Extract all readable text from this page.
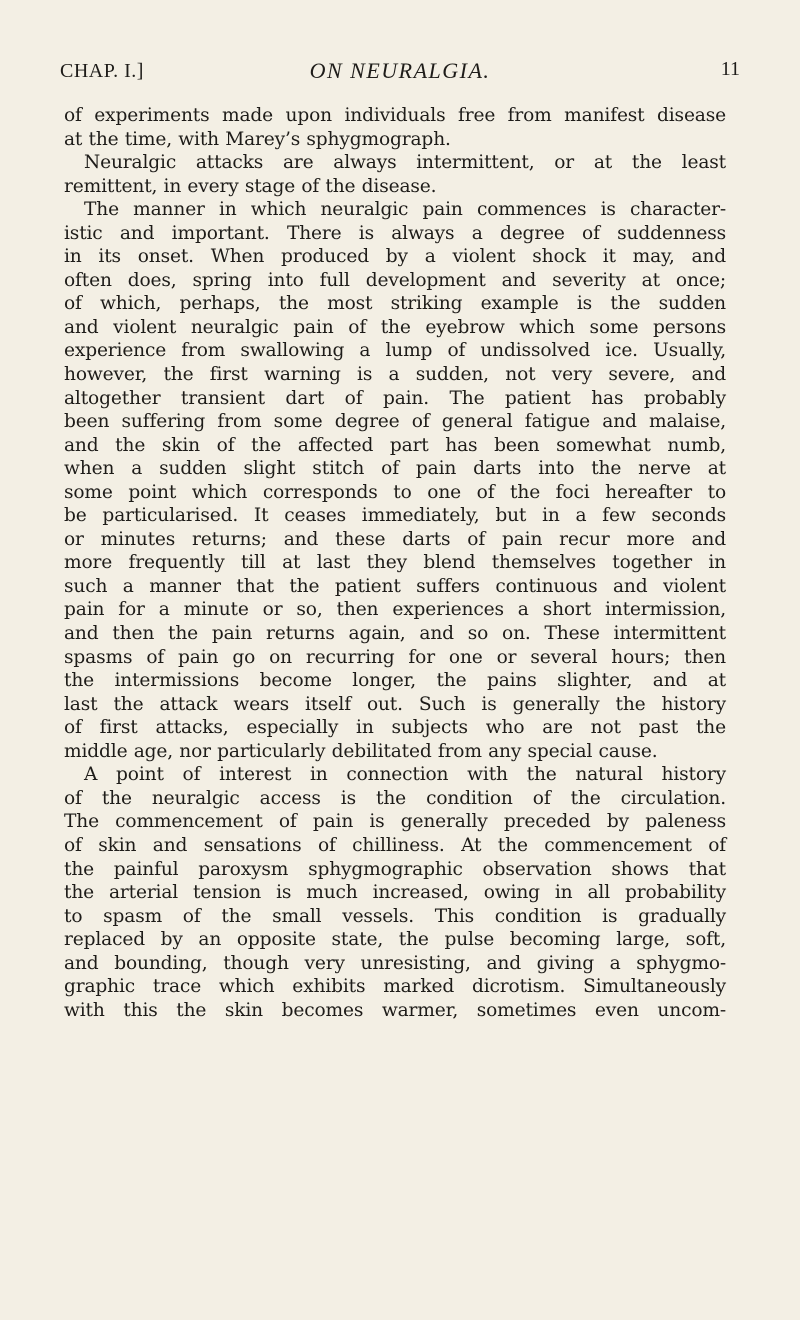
CHAP. I.]	ON NEURALGIA.	11
of experiments made upon individuals free from manifest disease
at the time, with Marey’s sphygmograph.
Neuralgic attacks are always intermittent, or at the least
remittent, in every stage of the disease.
The manner in which neuralgic pain commences is character-
istic and important. There is always a degree of suddenness
in its onset. When produced by a violent shock it may, and
often does, spring into full development and severity at once;
of which, perhaps, the most striking example is the sudden
and violent neuralgic pain of the eyebrow which some persons
experience from swallowing a lump of undissolved ice. Usually,
however, the first warning is a sudden, not very severe, and
altogether transient dart of pain. The patient has probably
been suffering from some degree of general fatigue and malaise,
and the skin of the affected part has been somewhat numb,
when a sudden slight stitch of pain darts into the nerve at
some point which corresponds to one of the foci hereafter to
be particularised. It ceases immediately, but in a few seconds
or minutes returns; and these darts of pain recur more and
more frequently till at last they blend themselves together in
such a manner that the patient suffers continuous and violent
pain for a minute or so, then experiences a short intermission,
and then the pain returns again, and so on. These intermittent
spasms of pain go on recurring for one or several hours; then
the intermissions become longer, the pains slighter, and at
last the attack wears itself out. Such is generally the history
of first attacks, especially in subjects who are not past the
middle age, nor particularly debilitated from any special cause.
A point of interest in connection with the natural history
of the neuralgic access is the condition of the circulation.
The commencement of pain is generally preceded by paleness
of skin and sensations of chilliness. At the commencement of
the painful paroxysm sphygmographic observation shows that
the arterial tension is much increased, owing in all probability
to spasm of the small vessels. This condition is gradually
replaced by an opposite state, the pulse becoming large, soft,
and bounding, though very unresisting, and giving a sphygmo-
graphic trace which exhibits marked dicrotism. Simultaneously
with this the skin becomes warmer, sometimes even uncom-
